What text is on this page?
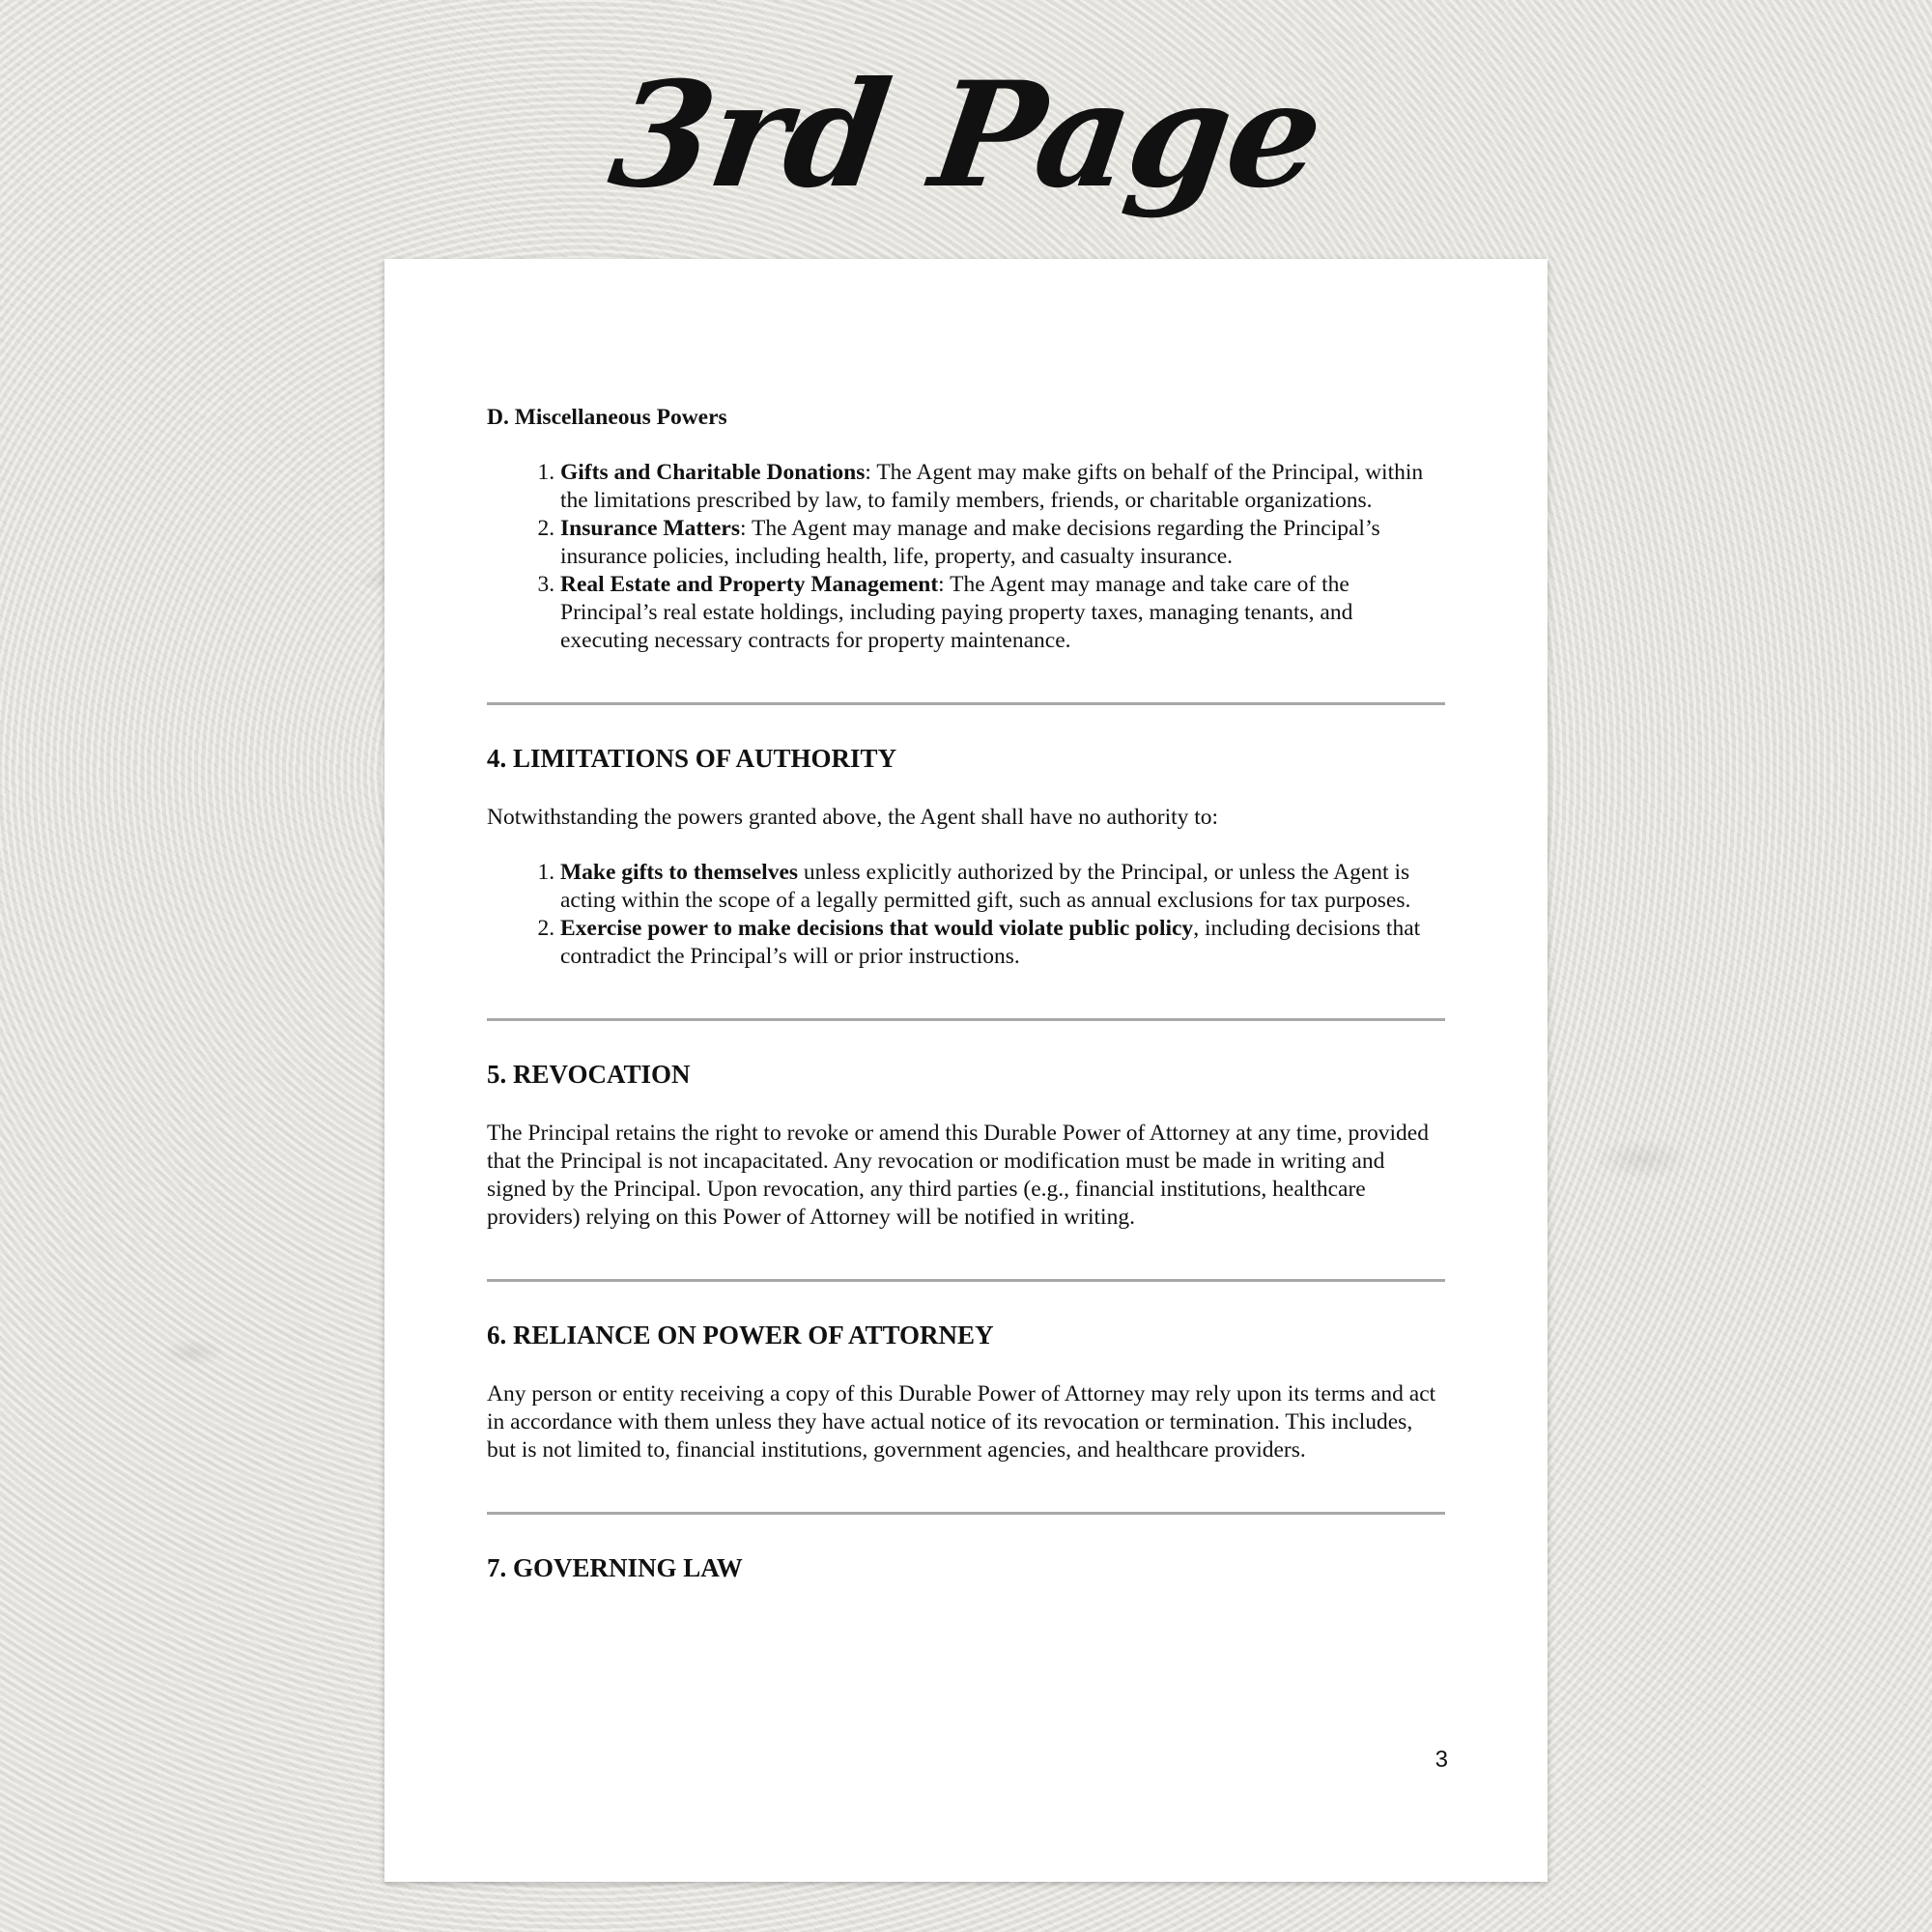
3rd Page
D. Miscellaneous Powers
1. Gifts and Charitable Donations: The Agent may make gifts on behalf of the Principal, within the limitations prescribed by law, to family members, friends, or charitable organizations.
2. Insurance Matters: The Agent may manage and make decisions regarding the Principal’s insurance policies, including health, life, property, and casualty insurance.
3. Real Estate and Property Management: The Agent may manage and take care of the Principal’s real estate holdings, including paying property taxes, managing tenants, and executing necessary contracts for property maintenance.
4. LIMITATIONS OF AUTHORITY

Notwithstanding the powers granted above, the Agent shall have no authority to:

1. Make gifts to themselves unless explicitly authorized by the Principal, or unless the Agent is acting within the scope of a legally permitted gift, such as annual exclusions for tax purposes.
2. Exercise power to make decisions that would violate public policy, including decisions that contradict the Principal’s will or prior instructions.
5. REVOCATION

The Principal retains the right to revoke or amend this Durable Power of Attorney at any time, provided that the Principal is not incapacitated. Any revocation or modification must be made in writing and signed by the Principal. Upon revocation, any third parties (e.g., financial institutions, healthcare providers) relying on this Power of Attorney will be notified in writing.

6. RELIANCE ON POWER OF ATTORNEY

Any person or entity receiving a copy of this Durable Power of Attorney may rely upon its terms and act in accordance with them unless they have actual notice of its revocation or termination. This includes, but is not limited to, financial institutions, government agencies, and healthcare providers.

7. GOVERNING LAW
3
